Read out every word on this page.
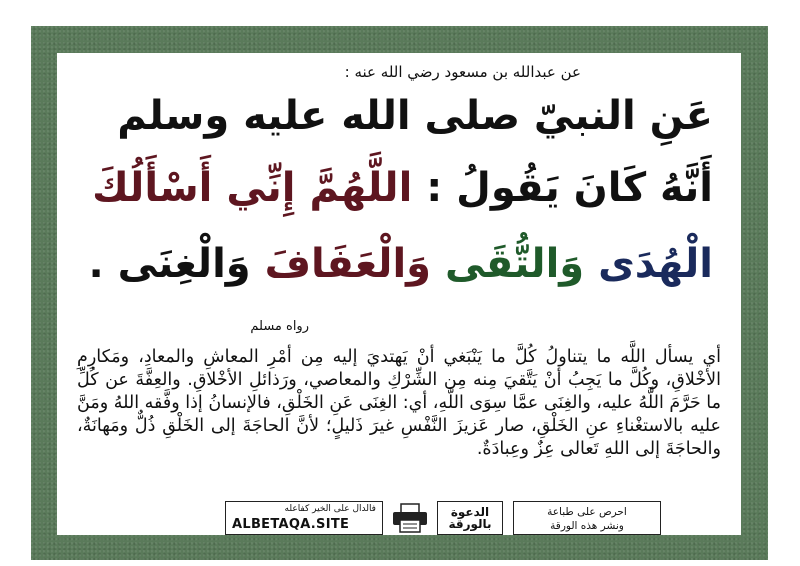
عن عبدالله بن مسعود رضي الله عنه :
عَنِ النبيّ صلى الله عليه وسلم
أَنَّهُ كَانَ يَقُولُ : اللَّهُمَّ إِنِّي أَسْأَلُكَ
الْهُدَى وَالتُّقَى وَالْعَفَافَ وَالْغِنَى .
رواه مسلم
أي يسأل اللَّه ما يتناولُ كُلَّ ما يَنْبَغي أنْ يَهتديَ إليه مِن أمْرِ المعاشِ والمعادِ، ومَكارِمِ الأخْلاقِ، وكُلَّ ما يَجِبُ أنْ يَتَّقيَ مِنه مِن الشِّرْكِ والمعاصي، ورَذائلِ الأخْلاقِ. والعِفَّةَ عن كُلِّ ما حَرَّمَ اللَّهُ عليه، والغِنَى عمَّا سِوَى اللَّهِ، أي: الغِنَى عَنِ الخَلْقِ، فالإنسانُ إذا وفَّقه اللهُ ومَنَّ عليه بالاستغْناءِ عنِ الخَلْقِ، صار عَزيزَ النَّفْسِ غيرَ ذَليلٍ؛ لأنَّ الحاجَةَ إلى الخَلْقِ ذُلٌّ ومَهانَةٌ، والحاجَةَ إلى اللهِ تَعالى عِزٌ وعِبادَةٌ.
فالدال على الخير كفاعله
ALBETAQA.SITE
الدعوة بالورقة
احرص على طباعة
ونشر هذه الورقة
